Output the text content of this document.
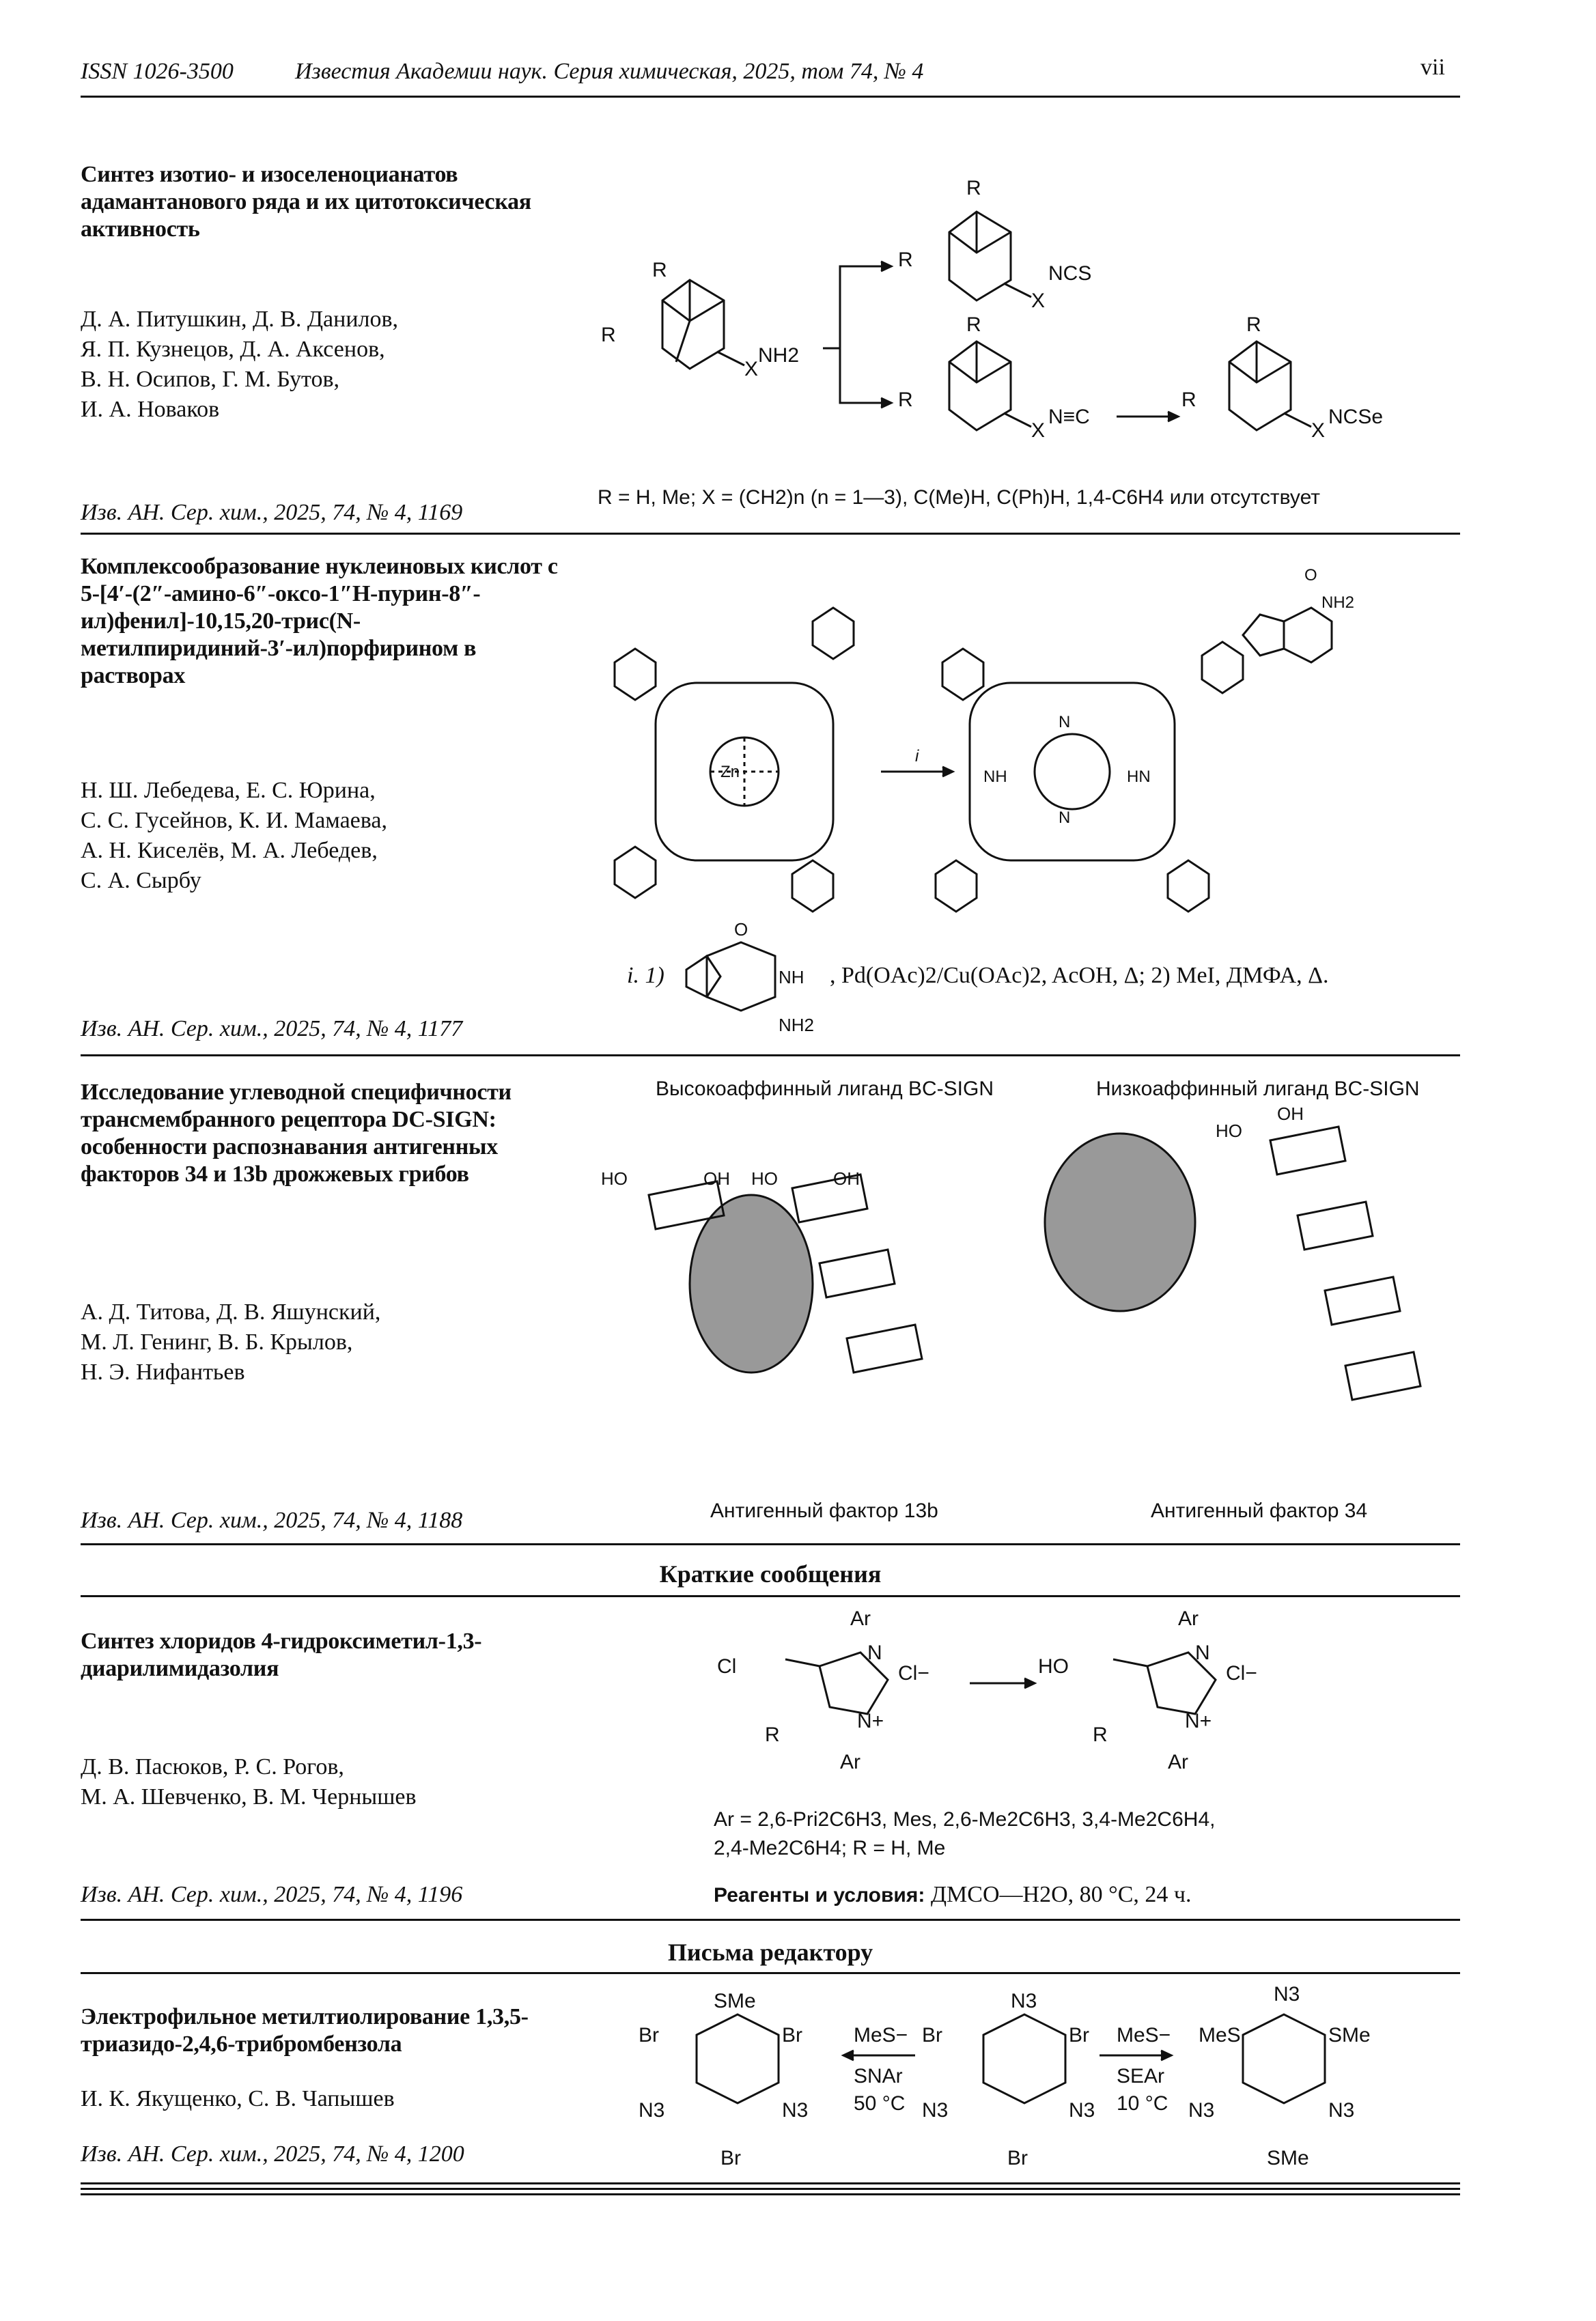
ISSN 1026-3500	Известия Академии наук. Серия химическая, 2025, том 74, № 4	vii
Синтез изотио- и изоселеноцианатов адамантанового ряда и их цитотоксическая активность
Д. А. Питушкин, Д. В. Данилов,
Я. П. Кузнецов, Д. А. Аксенов,
В. Н. Осипов, Г. М. Бутов,
И. А. Новаков
Изв. АН. Сер. хим., 2025, 74, № 4, 1169
R
R
X
NH2
R
R
X
NCS
R
R
X
N≡C
R
R
X
NCSe
R = H, Me; X = (CH2)n (n = 1—3), C(Me)H, C(Ph)H, 1,4-C6H4 или отсутствует
Комплексообразование нуклеиновых кислот с 5-[4′-(2″-амино-6″-оксо-1″H-пурин-8″-ил)фенил]-10,15,20-трис(N-метилпиридиний-3′-ил)порфирином в растворах
Н. Ш. Лебедева, Е. С. Юрина,
С. С. Гусейнов, К. И. Мамаева,
А. Н. Киселёв, М. А. Лебедев,
С. А. Сырбу
Изв. АН. Сер. хим., 2025, 74, № 4, 1177
Zn
i
NH	HN
N
N
NH2
O
i. 1)
O
NH
NH2
, Pd(OAc)2/Cu(OAc)2, AcOH, Δ; 2) MeI, ДМФА, Δ.
Исследование углеводной специфичности трансмембранного рецептора DC-SIGN: особенности распознавания антигенных факторов 34 и 13b дрожжевых грибов
А. Д. Титова, Д. В. Яшунский,
М. Л. Генинг, В. Б. Крылов,
Н. Э. Нифантьев
Изв. АН. Сер. хим., 2025, 74, № 4, 1188
Высокоаффинный лиганд BC-SIGN	Низкоаффинный лиганд BC-SIGN
HO	OH HO	OH
HO
OH
Антигенный фактор 13b	Антигенный фактор 34
Краткие сообщения
Синтез хлоридов 4-гидроксиметил-1,3-диарилимидазолия
Д. В. Пасюков, Р. С. Рогов,
М. А. Шевченко, В. М. Чернышев
Изв. АН. Сер. хим., 2025, 74, № 4, 1196
Cl
Ar
N
Cl−
R
N+
Ar
HO
Ar
N
Cl−
R
N+
Ar
Ar = 2,6-Pri2C6H3, Mes, 2,6-Me2C6H3, 3,4-Me2C6H4,
2,4-Me2C6H4; R = H, Me
Реагенты и условия: ДМСО—H2O, 80 °C, 24 ч.
Письма редактору
Электрофильное метилтиолирование 1,3,5-триазидо-2,4,6-трибромбензола
И. К. Якущенко, С. В. Чапышев
Изв. АН. Сер. хим., 2025, 74, № 4, 1200
SMe
Br	Br
N3	N3
Br
MeS−
SNAr
50 °C
N3
Br	Br
N3	N3
Br
MeS−
SEAr
10 °C
N3
MeS	SMe
N3	N3
SMe
